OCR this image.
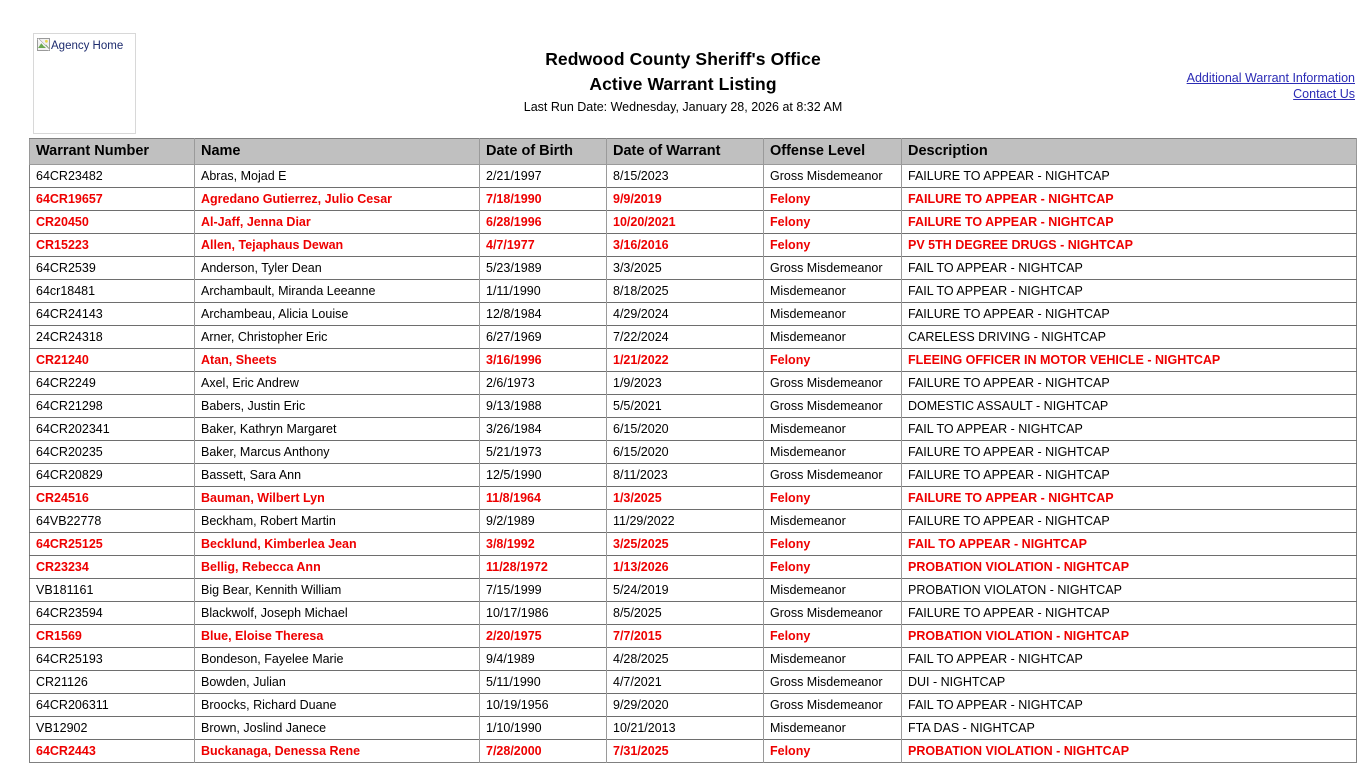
Agency Home
Redwood County Sheriff's Office
Active Warrant Listing
Last Run Date: Wednesday, January 28, 2026 at 8:32 AM
Additional Warrant Information
Contact Us
Warrant Number	Name	Date of Birth	Date of Warrant	Offense Level	Description
64CR23482	Abras, Mojad E	2/21/1997	8/15/2023	Gross Misdemeanor	FAILURE TO APPEAR - NIGHTCAP
64CR19657	Agredano Gutierrez, Julio Cesar	7/18/1990	9/9/2019	Felony	FAILURE TO APPEAR - NIGHTCAP
CR20450	Al-Jaff, Jenna Diar	6/28/1996	10/20/2021	Felony	FAILURE TO APPEAR - NIGHTCAP
CR15223	Allen, Tejaphaus Dewan	4/7/1977	3/16/2016	Felony	PV 5TH DEGREE DRUGS - NIGHTCAP
64CR2539	Anderson, Tyler Dean	5/23/1989	3/3/2025	Gross Misdemeanor	FAIL TO APPEAR - NIGHTCAP
64cr18481	Archambault, Miranda Leeanne	1/11/1990	8/18/2025	Misdemeanor	FAIL TO APPEAR - NIGHTCAP
64CR24143	Archambeau, Alicia Louise	12/8/1984	4/29/2024	Misdemeanor	FAILURE TO APPEAR - NIGHTCAP
24CR24318	Arner, Christopher Eric	6/27/1969	7/22/2024	Misdemeanor	CARELESS DRIVING - NIGHTCAP
CR21240	Atan, Sheets	3/16/1996	1/21/2022	Felony	FLEEING OFFICER IN MOTOR VEHICLE - NIGHTCAP
64CR2249	Axel, Eric Andrew	2/6/1973	1/9/2023	Gross Misdemeanor	FAILURE TO APPEAR - NIGHTCAP
64CR21298	Babers, Justin Eric	9/13/1988	5/5/2021	Gross Misdemeanor	DOMESTIC ASSAULT - NIGHTCAP
64CR202341	Baker, Kathryn Margaret	3/26/1984	6/15/2020	Misdemeanor	FAIL TO APPEAR - NIGHTCAP
64CR20235	Baker, Marcus Anthony	5/21/1973	6/15/2020	Misdemeanor	FAILURE TO APPEAR - NIGHTCAP
64CR20829	Bassett, Sara Ann	12/5/1990	8/11/2023	Gross Misdemeanor	FAILURE TO APPEAR - NIGHTCAP
CR24516	Bauman, Wilbert Lyn	11/8/1964	1/3/2025	Felony	FAILURE TO APPEAR - NIGHTCAP
64VB22778	Beckham, Robert Martin	9/2/1989	11/29/2022	Misdemeanor	FAILURE TO APPEAR - NIGHTCAP
64CR25125	Becklund, Kimberlea Jean	3/8/1992	3/25/2025	Felony	FAIL TO APPEAR - NIGHTCAP
CR23234	Bellig, Rebecca Ann	11/28/1972	1/13/2026	Felony	PROBATION VIOLATION - NIGHTCAP
VB181161	Big Bear, Kennith William	7/15/1999	5/24/2019	Misdemeanor	PROBATION VIOLATON - NIGHTCAP
64CR23594	Blackwolf, Joseph Michael	10/17/1986	8/5/2025	Gross Misdemeanor	FAILURE TO APPEAR - NIGHTCAP
CR1569	Blue, Eloise Theresa	2/20/1975	7/7/2015	Felony	PROBATION VIOLATION - NIGHTCAP
64CR25193	Bondeson, Fayelee Marie	9/4/1989	4/28/2025	Misdemeanor	FAIL TO APPEAR - NIGHTCAP
CR21126	Bowden, Julian	5/11/1990	4/7/2021	Gross Misdemeanor	DUI - NIGHTCAP
64CR206311	Broocks, Richard Duane	10/19/1956	9/29/2020	Gross Misdemeanor	FAIL TO APPEAR - NIGHTCAP
VB12902	Brown, Joslind Janece	1/10/1990	10/21/2013	Misdemeanor	FTA DAS - NIGHTCAP
64CR2443	Buckanaga, Denessa Rene	7/28/2000	7/31/2025	Felony	PROBATION VIOLATION - NIGHTCAP
